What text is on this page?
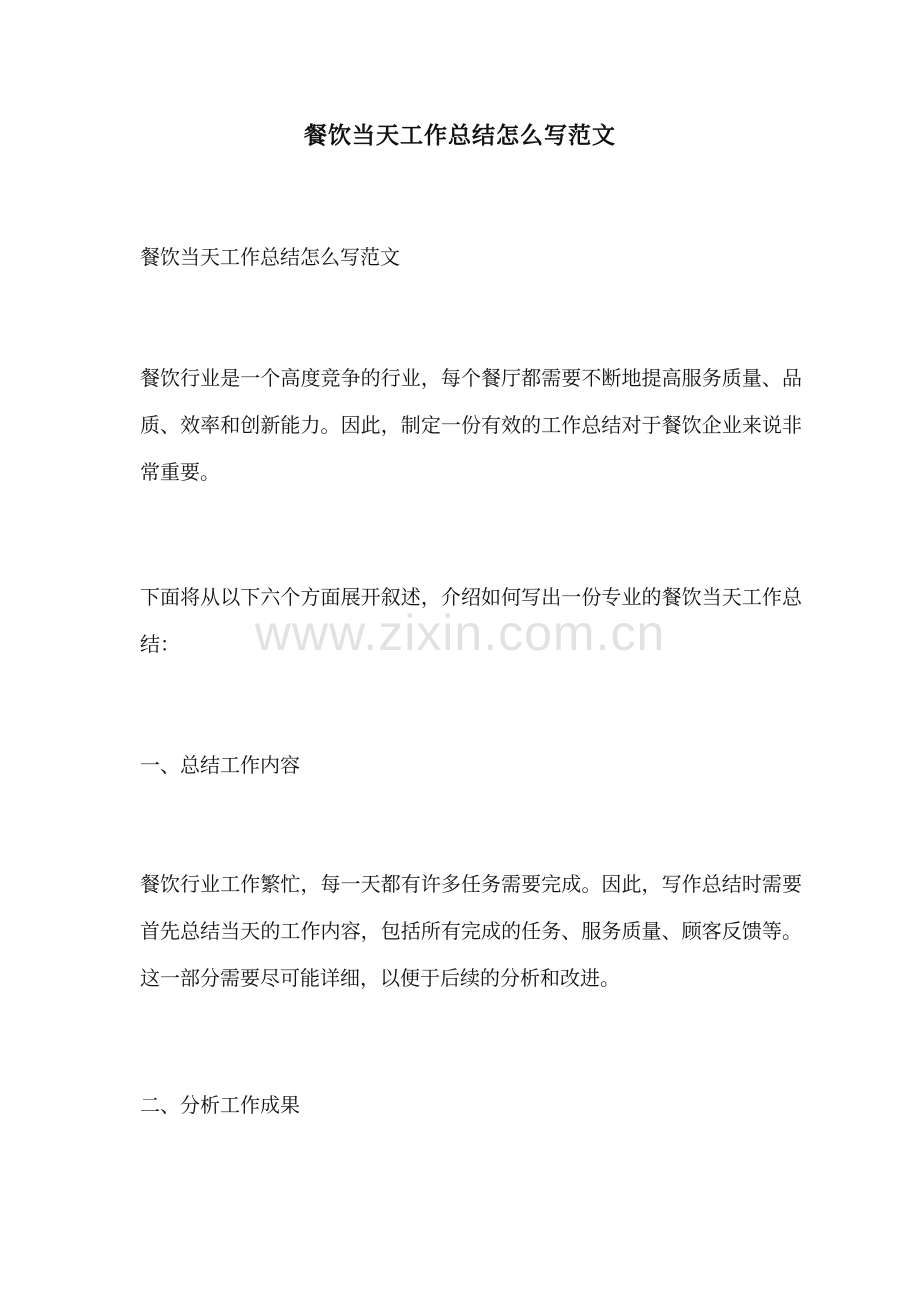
餐饮当天工作总结怎么写范文

餐饮当天工作总结怎么写范文

餐饮行业是一个高度竞争的行业，每个餐厅都需要不断地提高服务质量、品质、效率和创新能力。因此，制定一份有效的工作总结对于餐饮企业来说非常重要。

下面将从以下六个方面展开叙述，介绍如何写出一份专业的餐饮当天工作总结：

一、总结工作内容

餐饮行业工作繁忙，每一天都有许多任务需要完成。因此，写作总结时需要首先总结当天的工作内容，包括所有完成的任务、服务质量、顾客反馈等。这一部分需要尽可能详细，以便于后续的分析和改进。

二、分析工作成果

www.zixin.com.cn
